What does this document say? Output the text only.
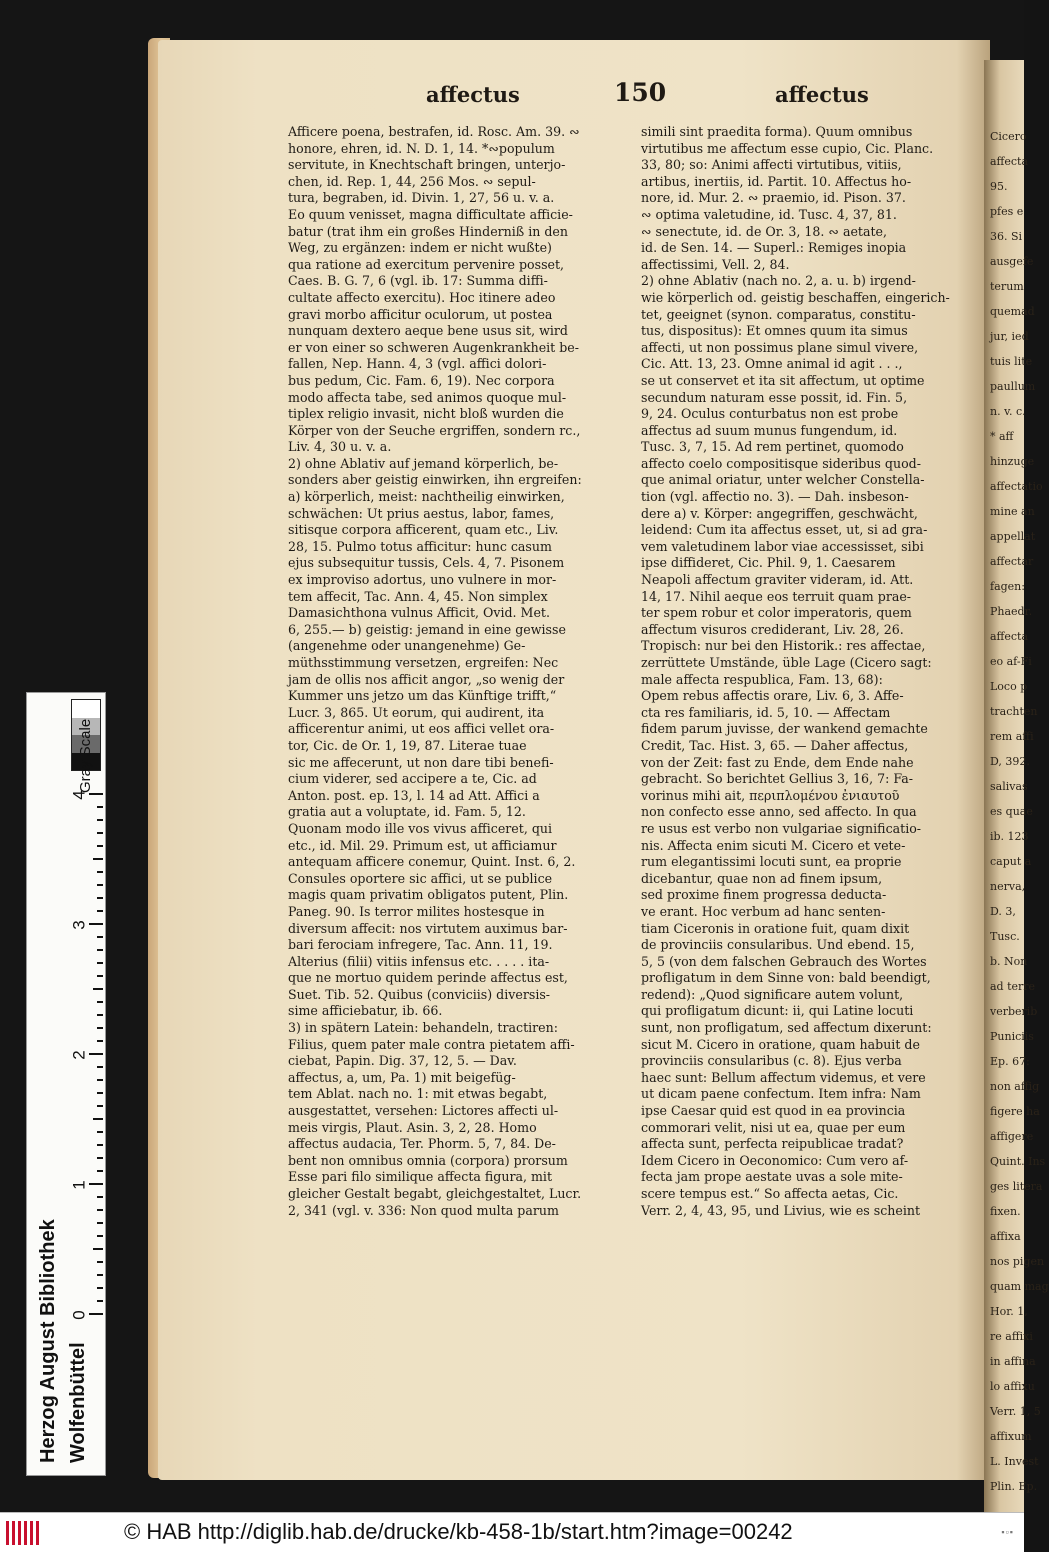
Cicero
affecta
95.
pfes e
36. Si
ausgefe
terum
quemad
jur, ied
tuis lite
paullum
n. v. c.
* aff
hinzuge
affectatio
mine an
appellat
affectar
fagen:
Phaedr.
affecta
eo af-Fi
Loco p
trachten
rem affi
D, 392.
salivas
es quae
ib. 123
caput a
nerva,
D. 3,
Tusc.
b. Non
ad terre
verberib
Puniciis
Ep. 67:
non affig
figere ha
affigere
Quint. Ins
ges litera
fixen.
affixa
nos pigen
quam mag
Hor. 1,
re affixi
in affina
lo affixu
Verr. 1, 5
affixum
L. Invest
Plin. Ep.
affectus	150	affectus
Afficere poena, bestrafen, id. Rosc. Am. 39. ∾
honore, ehren, id. N. D. 1, 14. *∾populum
servitute, in Knechtschaft bringen, unterjo-
chen, id. Rep. 1, 44, 256 Mos. ∾ sepul-
tura, begraben, id. Divin. 1, 27, 56 u. v. a.
Eo quum venisset, magna difficultate afficie-
batur (trat ihm ein großes Hinderniß in den
Weg, zu ergänzen: indem er nicht wußte)
qua ratione ad exercitum pervenire posset,
Caes. B. G. 7, 6 (vgl. ib. 17: Summa diffi-
cultate affecto exercitu). Hoc itinere adeo
gravi morbo afficitur oculorum, ut postea
nunquam dextero aeque bene usus sit, wird
er von einer so schweren Augenkrankheit be-
fallen, Nep. Hann. 4, 3 (vgl. affici dolori-
bus pedum, Cic. Fam. 6, 19). Nec corpora
modo affecta tabe, sed animos quoque mul-
tiplex religio invasit, nicht bloß wurden die
Körper von der Seuche ergriffen, sondern rc.,
Liv. 4, 30 u. v. a.
2) ohne Ablativ auf jemand körperlich, be-
sonders aber geistig einwirken, ihn ergreifen:
a) körperlich, meist: nachtheilig einwirken,
schwächen: Ut prius aestus, labor, fames,
sitisque corpora afficerent, quam etc., Liv.
28, 15. Pulmo totus afficitur: hunc casum
ejus subsequitur tussis, Cels. 4, 7. Pisonem
ex improviso adortus, uno vulnere in mor-
tem affecit, Tac. Ann. 4, 45. Non simplex
Damasichthona vulnus Afficit, Ovid. Met.
6, 255.— b) geistig: jemand in eine gewisse
(angenehme oder unangenehme) Ge-
müthsstimmung versetzen, ergreifen: Nec
jam de ollis nos afficit angor, „so wenig der
Kummer uns jetzo um das Künftige trifft,“
Lucr. 3, 865. Ut eorum, qui audirent, ita
afficerentur animi, ut eos affici vellet ora-
tor, Cic. de Or. 1, 19, 87. Literae tuae
sic me affecerunt, ut non dare tibi benefi-
cium viderer, sed accipere a te, Cic. ad
Anton. post. ep. 13, l. 14 ad Att. Affici a
gratia aut a voluptate, id. Fam. 5, 12.
Quonam modo ille vos vivus afficeret, qui
etc., id. Mil. 29. Primum est, ut afficiamur
antequam afficere conemur, Quint. Inst. 6, 2.
Consules oportere sic affici, ut se publice
magis quam privatim obligatos putent, Plin.
Paneg. 90. Is terror milites hostesque in
diversum affecit: nos virtutem auximus bar-
bari ferociam infregere, Tac. Ann. 11, 19.
Alterius (filii) vitiis infensus etc. . . . . ita-
que ne mortuo quidem perinde affectus est,
Suet. Tib. 52. Quibus (conviciis) diversis-
sime afficiebatur, ib. 66.
3) in spätern Latein: behandeln, tractiren:
Filius, quem pater male contra pietatem affi-
ciebat, Papin. Dig. 37, 12, 5. — Dav.
affectus, a, um, Pa. 1) mit beigefüg-
tem Ablat. nach no. 1: mit etwas begabt,
ausgestattet, versehen: Lictores affecti ul-
meis virgis, Plaut. Asin. 3, 2, 28. Homo
affectus audacia, Ter. Phorm. 5, 7, 84. De-
bent non omnibus omnia (corpora) prorsum
Esse pari filo similique affecta figura, mit
gleicher Gestalt begabt, gleichgestaltet, Lucr.
2, 341 (vgl. v. 336: Non quod multa parum
simili sint praedita forma). Quum omnibus
virtutibus me affectum esse cupio, Cic. Planc.
33, 80; so: Animi affecti virtutibus, vitiis,
artibus, inertiis, id. Partit. 10. Affectus ho-
nore, id. Mur. 2. ∾ praemio, id. Pison. 37.
∾ optima valetudine, id. Tusc. 4, 37, 81.
∾ senectute, id. de Or. 3, 18. ∾ aetate,
id. de Sen. 14. — Superl.: Remiges inopia
affectissimi, Vell. 2, 84.
2) ohne Ablativ (nach no. 2, a. u. b) irgend-
wie körperlich od. geistig beschaffen, eingerich-
tet, geeignet (synon. comparatus, constitu-
tus, dispositus): Et omnes quum ita simus
affecti, ut non possimus plane simul vivere,
Cic. Att. 13, 23. Omne animal id agit . . .,
se ut conservet et ita sit affectum, ut optime
secundum naturam esse possit, id. Fin. 5,
9, 24. Oculus conturbatus non est probe
affectus ad suum munus fungendum, id.
Tusc. 3, 7, 15. Ad rem pertinet, quomodo
affecto coelo compositisque sideribus quod-
que animal oriatur, unter welcher Constella-
tion (vgl. affectio no. 3). — Dah. insbeson-
dere a) v. Körper: angegriffen, geschwächt,
leidend: Cum ita affectus esset, ut, si ad gra-
vem valetudinem labor viae accessisset, sibi
ipse diffideret, Cic. Phil. 9, 1. Caesarem
Neapoli affectum graviter videram, id. Att.
14, 17. Nihil aeque eos terruit quam prae-
ter spem robur et color imperatoris, quem
affectum visuros crediderant, Liv. 28, 26.
Tropisch: nur bei den Historik.: res affectae,
zerrüttete Umstände, üble Lage (Cicero sagt:
male affecta respublica, Fam. 13, 68):
Opem rebus affectis orare, Liv. 6, 3. Affe-
cta res familiaris, id. 5, 10. — Affectam
fidem parum juvisse, der wankend gemachte
Credit, Tac. Hist. 3, 65. — Daher affectus,
von der Zeit: fast zu Ende, dem Ende nahe
gebracht. So berichtet Gellius 3, 16, 7: Fa-
vorinus mihi ait, περιπλομένου ἐνιαυτοῦ
non confecto esse anno, sed affecto. In qua
re usus est verbo non vulgariae significatio-
nis. Affecta enim sicuti M. Cicero et vete-
rum elegantissimi locuti sunt, ea proprie
dicebantur, quae non ad finem ipsum,
sed proxime finem progressa deducta-
ve erant. Hoc verbum ad hanc senten-
tiam Ciceronis in oratione fuit, quam dixit
de provinciis consularibus. Und ebend. 15,
5, 5 (von dem falschen Gebrauch des Wortes
profligatum in dem Sinne von: bald beendigt,
redend): „Quod significare autem volunt,
qui profligatum dicunt: ii, qui Latine locuti
sunt, non profligatum, sed affectum dixerunt:
sicut M. Cicero in oratione, quam habuit de
provinciis consularibus (c. 8). Ejus verba
haec sunt: Bellum affectum videmus, et vere
ut dicam paene confectum. Item infra: Nam
ipse Caesar quid est quod in ea provincia
commorari velit, nisi ut ea, quae per eum
affecta sunt, perfecta reipublicae tradat?
Idem Cicero in Oeconomico: Cum vero af-
fecta jam prope aestate uvas a sole mite-
scere tempus est.“ So affecta aetas, Cic.
Verr. 2, 4, 43, 95, und Livius, wie es scheint
Gray Scale
Herzog August Bibliothek Wolfenbüttel
0
1
2
3
4
© HAB http://diglib.hab.de/drucke/kb-458-1b/start.htm?image=00242	▪▫▪
